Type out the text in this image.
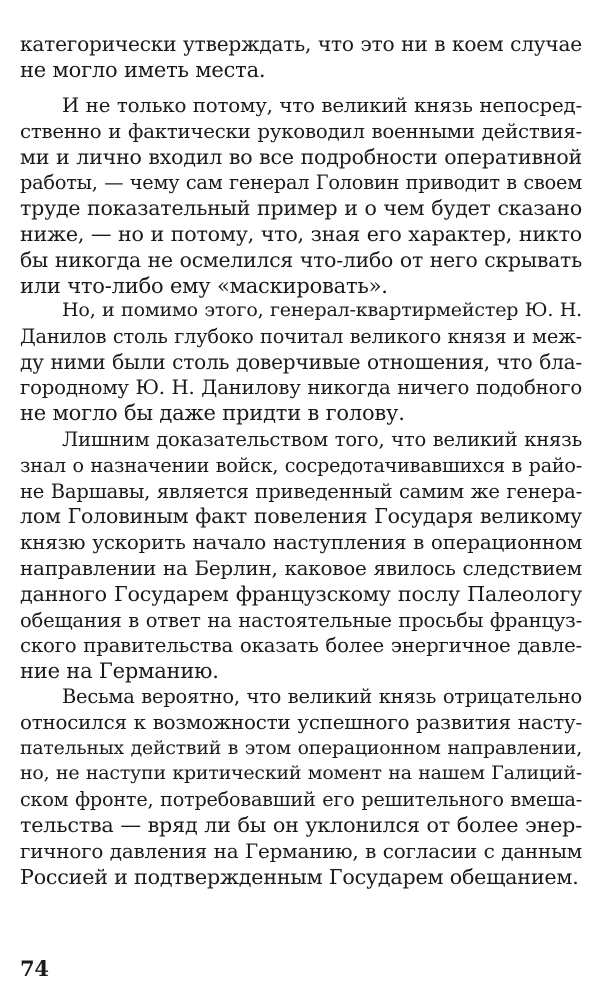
категорически утверждать, что это ни в коем случае
не могло иметь места.
И не только потому, что великий князь непосред-
ственно и фактически руководил военными действия-
ми и лично входил во все подробности оперативной
работы, — чему сам генерал Головин приводит в своем
труде показательный пример и о чем будет сказано
ниже, — но и потому, что, зная его характер, никто
бы никогда не осмелился что-либо от него скрывать
или что-либо ему «маскировать».
Но, и помимо этого, генерал-квартирмейстер Ю. Н.
Данилов столь глубоко почитал великого князя и меж-
ду ними были столь доверчивые отношения, что бла-
городному Ю. Н. Данилову никогда ничего подобного
не могло бы даже придти в голову.
Лишним доказательством того, что великий князь
знал о назначении войск, сосредотачивавшихся в райо-
не Варшавы, является приведенный самим же генера-
лом Головиным факт повеления Государя великому
князю ускорить начало наступления в операционном
направлении на Берлин, каковое явилось следствием
данного Государем французскому послу Палеологу
обещания в ответ на настоятельные просьбы француз-
ского правительства оказать более энергичное давле-
ние на Германию.
Весьма вероятно, что великий князь отрицательно
относился к возможности успешного развития насту-
пательных действий в этом операционном направлении,
но, не наступи критический момент на нашем Галиций-
ском фронте, потребовавший его решительного вмеша-
тельства — вряд ли бы он уклонился от более энер-
гичного давления на Германию, в согласии с данным
Россией и подтвержденным Государем обещанием.
74
